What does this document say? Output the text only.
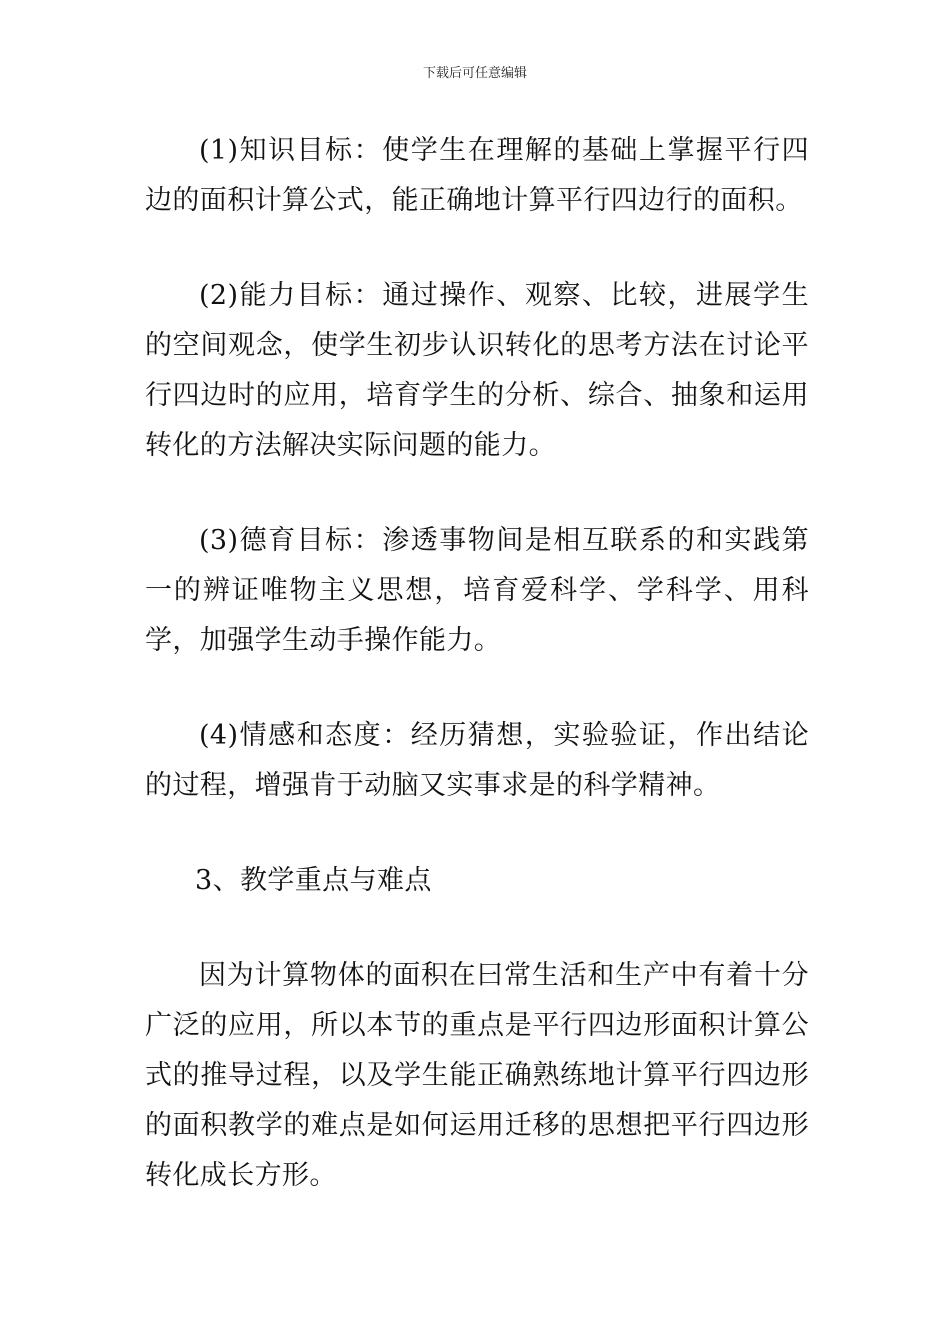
下载后可任意编辑

(1)知识目标：使学生在理解的基础上掌握平行四边的面积计算公式，能正确地计算平行四边行的面积。

(2)能力目标：通过操作、观察、比较，进展学生的空间观念，使学生初步认识转化的思考方法在讨论平行四边时的应用，培育学生的分析、综合、抽象和运用转化的方法解决实际问题的能力。

(3)德育目标：渗透事物间是相互联系的和实践第一的辨证唯物主义思想，培育爱科学、学科学、用科学，加强学生动手操作能力。

(4)情感和态度：经历猜想，实验验证，作出结论的过程，增强肯于动脑又实事求是的科学精神。

3、教学重点与难点

因为计算物体的面积在曰常生活和生产中有着十分广泛的应用，所以本节的重点是平行四边形面积计算公式的推导过程，以及学生能正确熟练地计算平行四边形的面积教学的难点是如何运用迁移的思想把平行四边形转化成长方形。
